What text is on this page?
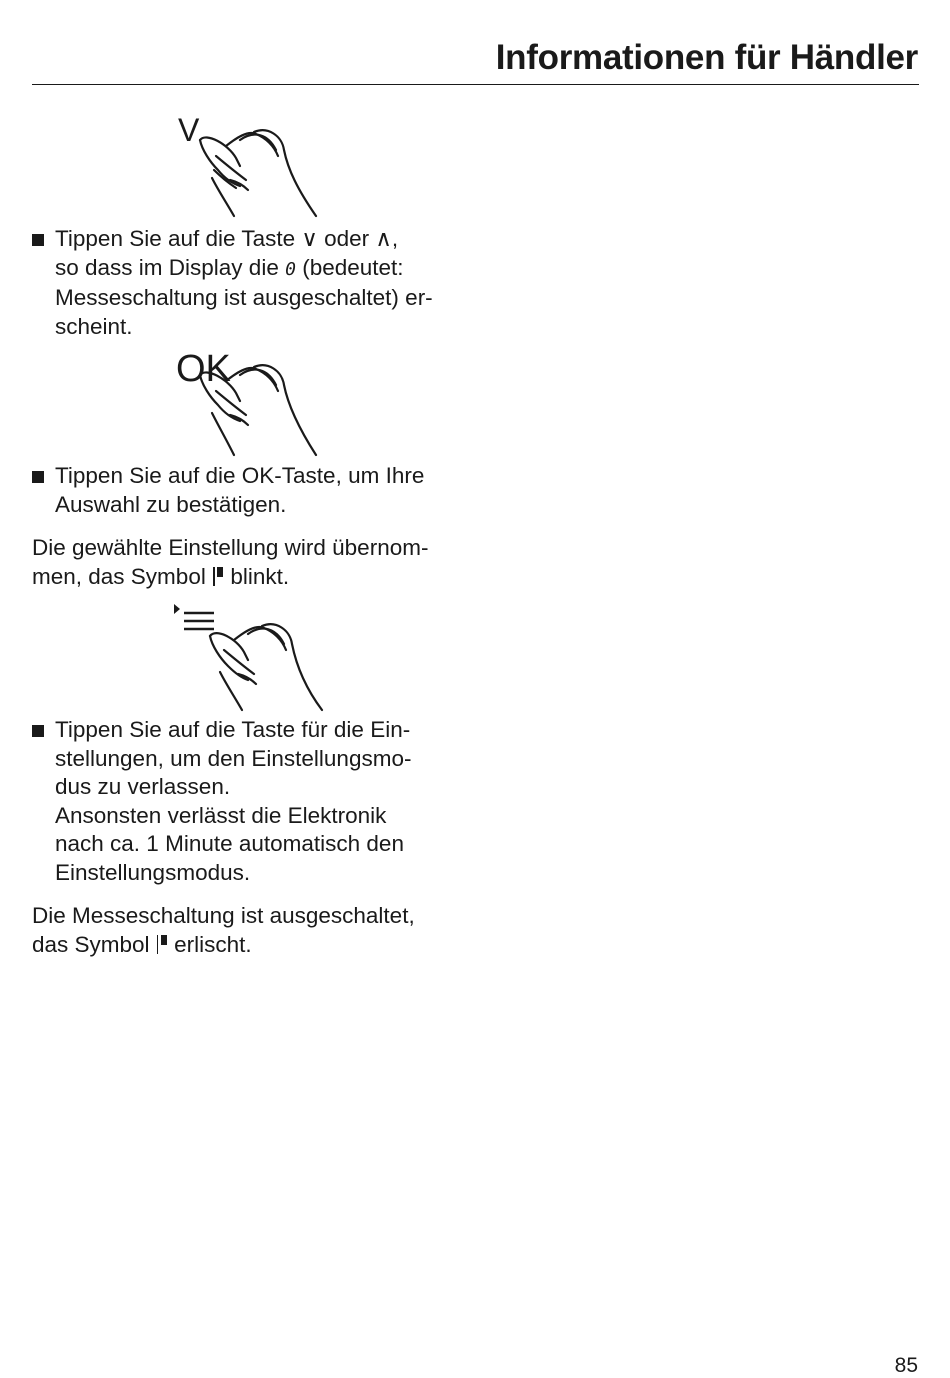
Informationen für Händler
V
Tippen Sie auf die Taste ∨ oder ∧,
so dass im Display die 0 (bedeutet:
Messeschaltung ist ausgeschaltet) er-
scheint.
OK
Tippen Sie auf die OK-Taste, um Ihre
Auswahl zu bestätigen.
Die gewählte Einstellung wird übernom-
men, das Symbol blinkt.
Tippen Sie auf die Taste für die Ein-
stellungen, um den Einstellungsmo-
dus zu verlassen.
Ansonsten verlässt die Elektronik
nach ca. 1 Minute automatisch den
Einstellungsmodus.
Die Messeschaltung ist ausgeschaltet,
das Symbol erlischt.
85
